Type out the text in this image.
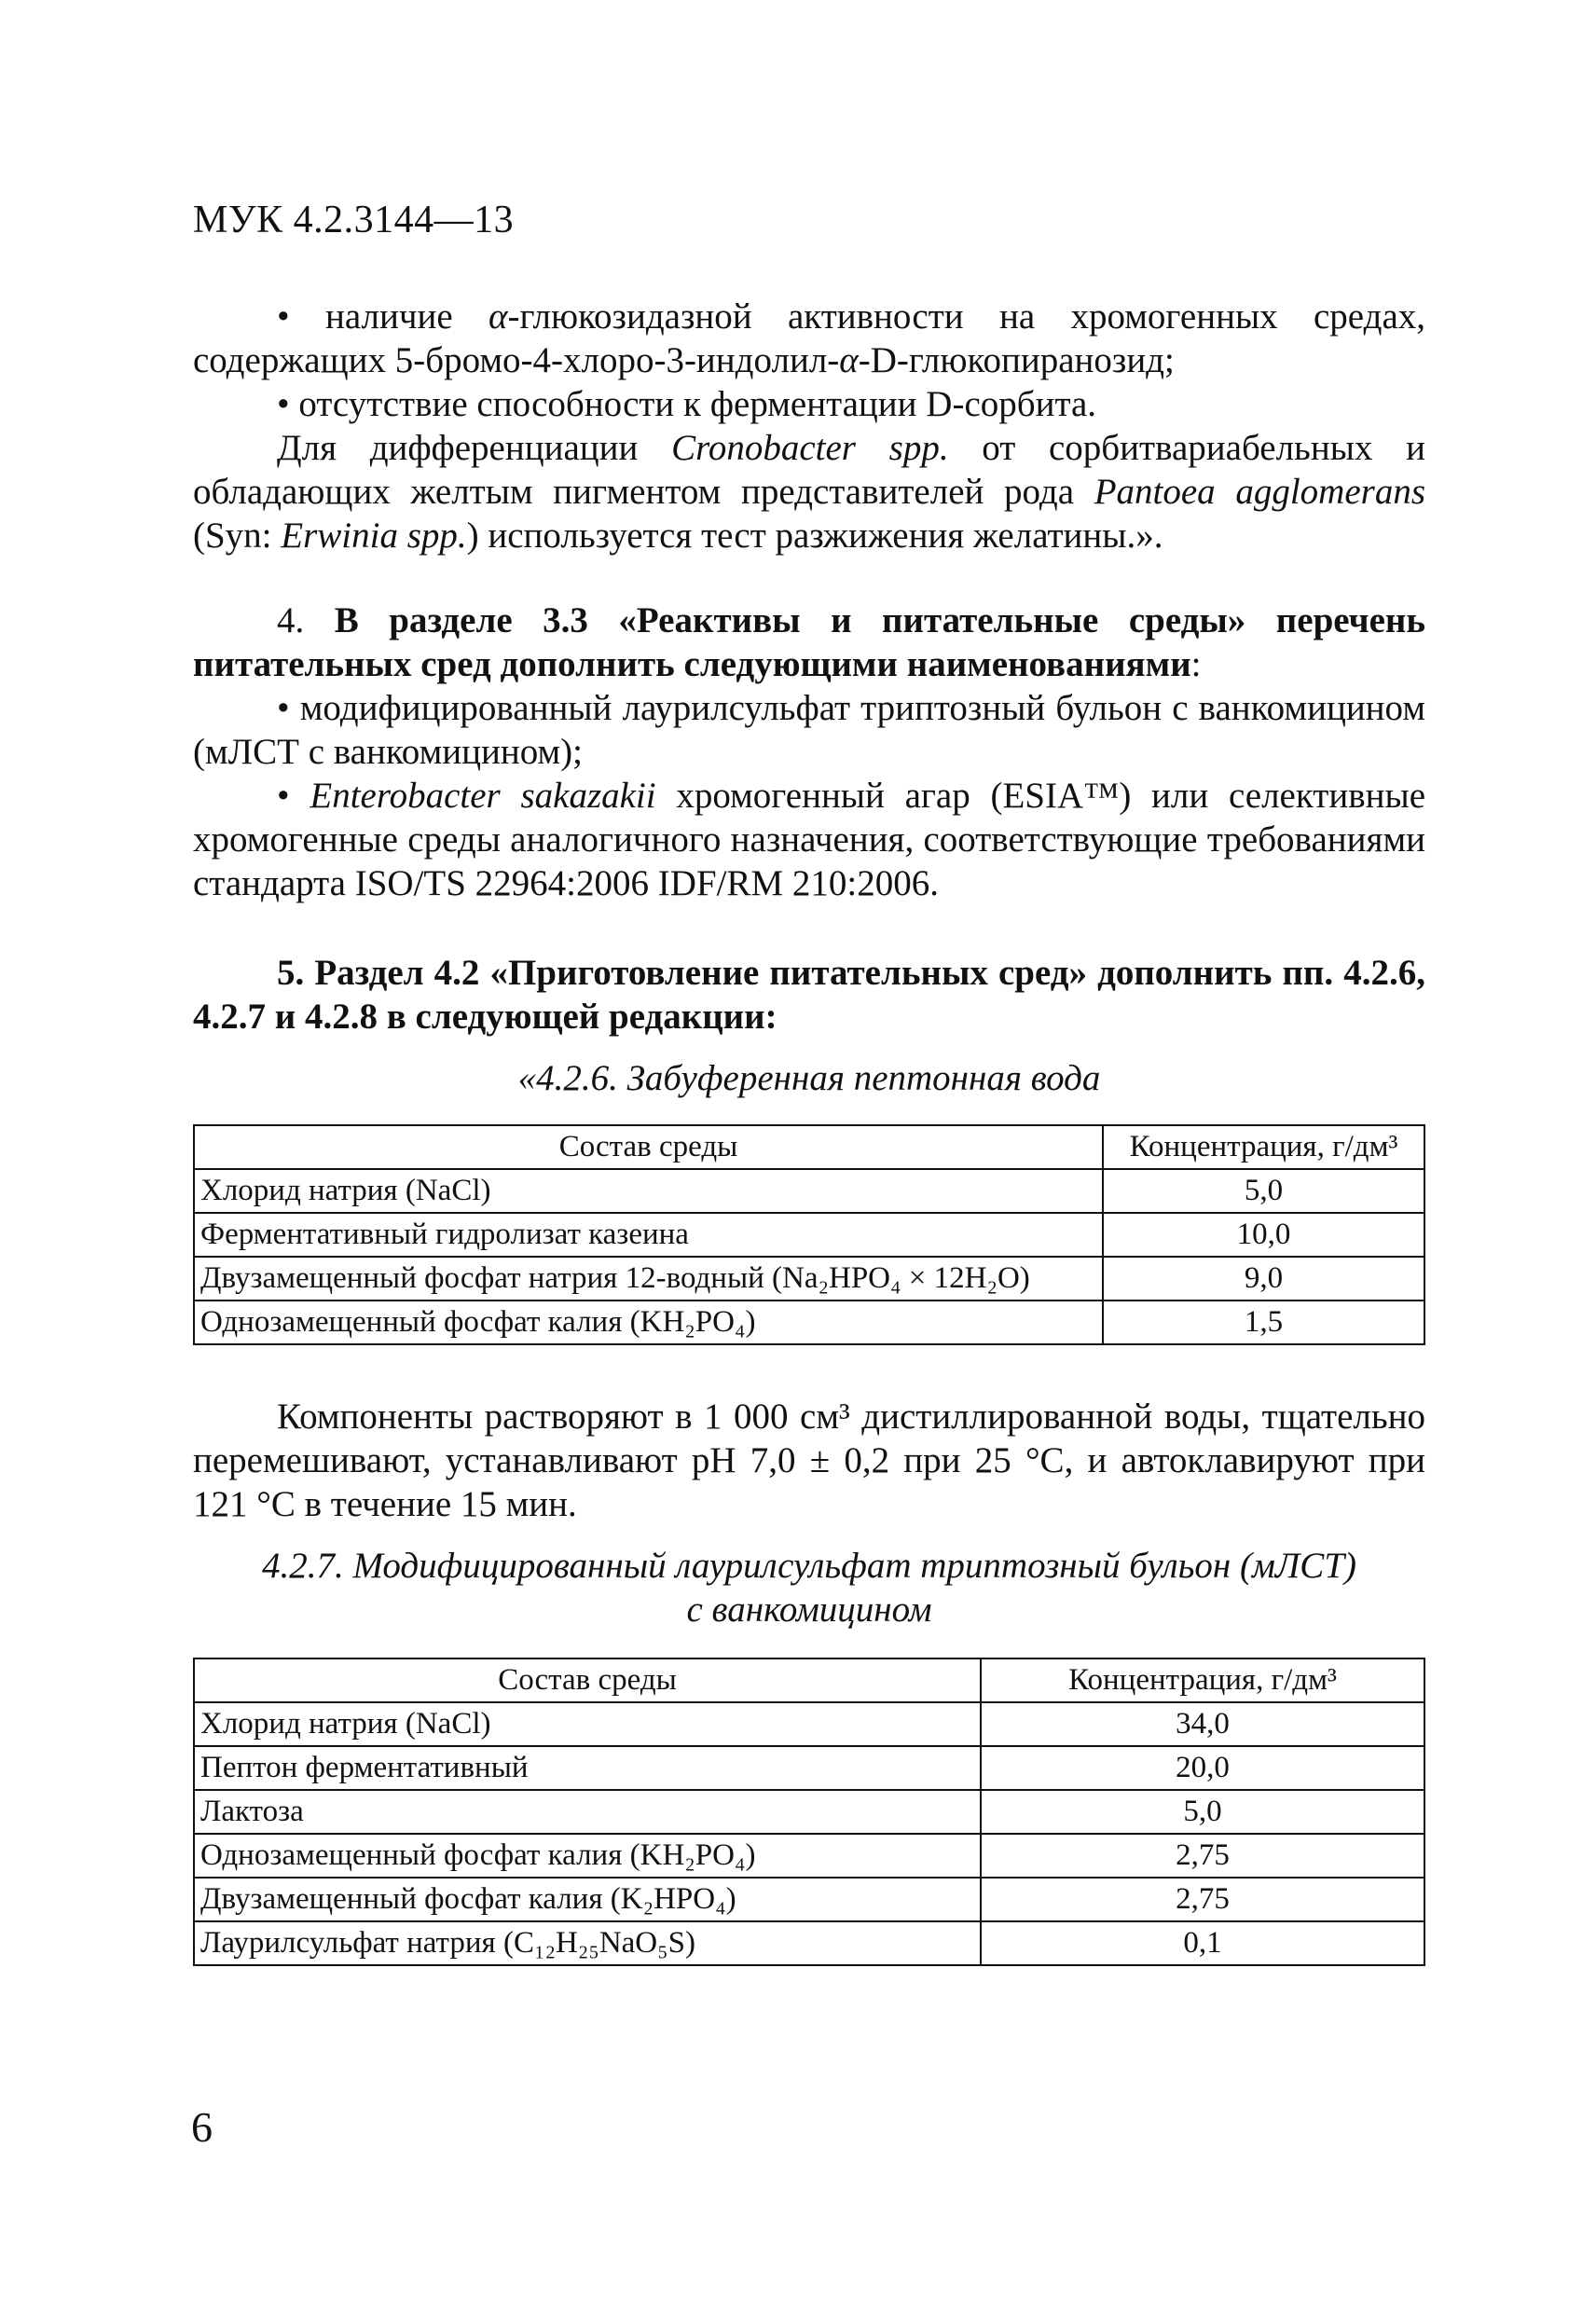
МУК 4.2.3144—13

• наличие α-глюкозидазной активности на хромогенных средах, содержащих 5-бромо-4-хлоро-3-индолил-α-D-глюкопиранозид;

• отсутствие способности к ферментации D-сорбита.

Для дифференциации Cronobacter spp. от сорбитвариабельных и обладающих желтым пигментом представителей рода Pantoea agglomerans (Syn: Erwinia spp.) используется тест разжижения желатины.».

4. В разделе 3.3 «Реактивы и питательные среды» перечень питательных сред дополнить следующими наименованиями:

• модифицированный лаурилсульфат триптозный бульон с ванкомицином (мЛСТ с ванкомицином);

• Enterobacter sakazakii хромогенный агар (ESIA™) или селективные хромогенные среды аналогичного назначения, соответствующие требованиями стандарта ISO/TS 22964:2006 IDF/RM 210:2006.

5. Раздел 4.2 «Приготовление питательных сред» дополнить пп. 4.2.6, 4.2.7 и 4.2.8 в следующей редакции:

«4.2.6. Забуференная пептонная вода
Состав среды	Концентрация, г/дм³
Хлорид натрия (NaCl)	5,0
Ферментативный гидролизат казеина	10,0
Двузамещенный фосфат натрия 12-водный (Na₂HPO₄ × 12H₂O)	9,0
Однозамещенный фосфат калия (KH₂PO₄)	1,5

Компоненты растворяют в 1 000 см³ дистиллированной воды, тщательно перемешивают, устанавливают pH 7,0 ± 0,2 при 25 °С, и автоклавируют при 121 °С в течение 15 мин.

4.2.7. Модифицированный лаурилсульфат триптозный бульон (мЛСТ)
с ванкомицином
Состав среды	Концентрация, г/дм³
Хлорид натрия (NaCl)	34,0
Пептон ферментативный	20,0
Лактоза	5,0
Однозамещенный фосфат калия (KH₂PO₄)	2,75
Двузамещенный фосфат калия (K₂HPO₄)	2,75
Лаурилсульфат натрия (C₁₂H₂₅NaO₅S)	0,1
6
